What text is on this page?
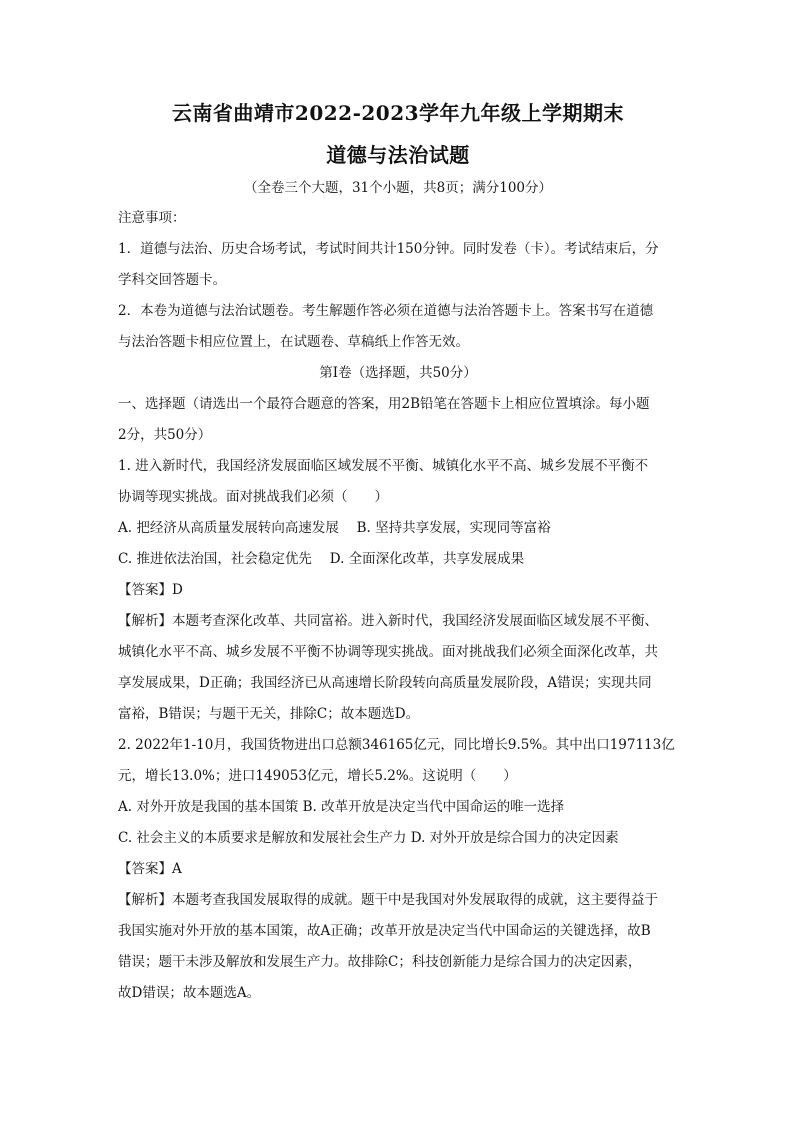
云南省曲靖市2022-2023学年九年级上学期期末
道德与法治试题
（全卷三个大题，31个小题，共8页；满分100分）
注意事项：
1．道德与法治、历史合场考试，考试时间共计150分钟。同时发卷（卡）。考试结束后，分
学科交回答题卡。
2．本卷为道德与法治试题卷。考生解题作答必须在道德与法治答题卡上。答案书写在道德
与法治答题卡相应位置上，在试题卷、草稿纸上作答无效。
第Ⅰ卷（选择题，共50分）
一、选择题（请选出一个最符合题意的答案，用2B铅笔在答题卡上相应位置填涂。每小题
2分，共50分）
1. 进入新时代，我国经济发展面临区域发展不平衡、城镇化水平不高、城乡发展不平衡不
协调等现实挑战。面对挑战我们必须（　　）
A. 把经济从高质量发展转向高速发展　 B. 坚持共享发展，实现同等富裕
C. 推进依法治国，社会稳定优先　 D. 全面深化改革，共享发展成果
【答案】D
【解析】本题考查深化改革、共同富裕。进入新时代，我国经济发展面临区域发展不平衡、
城镇化水平不高、城乡发展不平衡不协调等现实挑战。面对挑战我们必须全面深化改革，共
享发展成果，D正确；我国经济已从高速增长阶段转向高质量发展阶段，A错误；实现共同
富裕，B错误；与题干无关，排除C；故本题选D。
2. 2022年1-10月，我国货物进出口总额346165亿元，同比增长9.5%。其中出口197113亿
元，增长13.0%；进口149053亿元，增长5.2%。这说明（　　）
A. 对外开放是我国的基本国策 B. 改革开放是决定当代中国命运的唯一选择
C. 社会主义的本质要求是解放和发展社会生产力 D. 对外开放是综合国力的决定因素
【答案】A
【解析】本题考查我国发展取得的成就。题干中是我国对外发展取得的成就，这主要得益于
我国实施对外开放的基本国策，故A正确；改革开放是决定当代中国命运的关键选择，故B
错误；题干未涉及解放和发展生产力。故排除C；科技创新能力是综合国力的决定因素，
故D错误；故本题选A。
